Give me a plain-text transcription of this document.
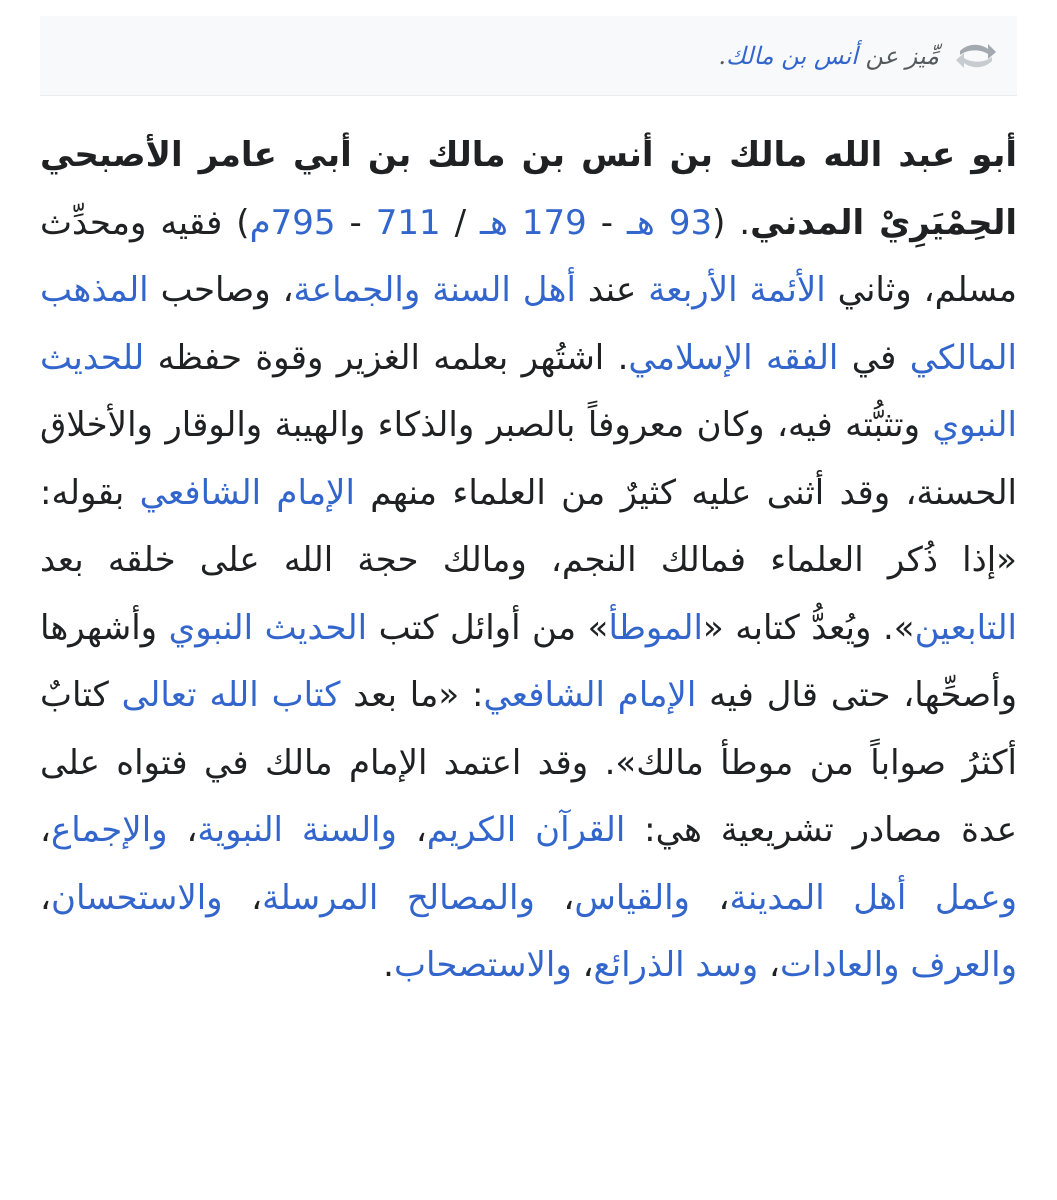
مِّيز عن أنس بن مالك.

أبو عبد الله مالك بن أنس بن مالك بن أبي عامر الأصبحي الحِمْيَرِيْ المدني. (93 هـ - 179 هـ / 711 - 795م) فقيه ومحدِّث مسلم، وثاني الأئمة الأربعة عند أهل السنة والجماعة، وصاحب المذهب المالكي في الفقه الإسلامي. اشتُهر بعلمه الغزير وقوة حفظه للحديث النبوي وتثبُّته فيه، وكان معروفاً بالصبر والذكاء والهيبة والوقار والأخلاق الحسنة، وقد أثنى عليه كثيرٌ من العلماء منهم الإمام الشافعي بقوله: «إذا ذُكر العلماء فمالك النجم، ومالك حجة الله على خلقه بعد التابعين». ويُعدُّ كتابه «الموطأ» من أوائل كتب الحديث النبوي وأشهرها وأصحِّها، حتى قال فيه الإمام الشافعي: «ما بعد كتاب الله تعالى كتابٌ أكثرُ صواباً من موطأ مالك». وقد اعتمد الإمام مالك في فتواه على عدة مصادر تشريعية هي: القرآن الكريم، والسنة النبوية، والإجماع، وعمل أهل المدينة، والقياس، والمصالح المرسلة، والاستحسان، والعرف والعادات، وسد الذرائع، والاستصحاب.
